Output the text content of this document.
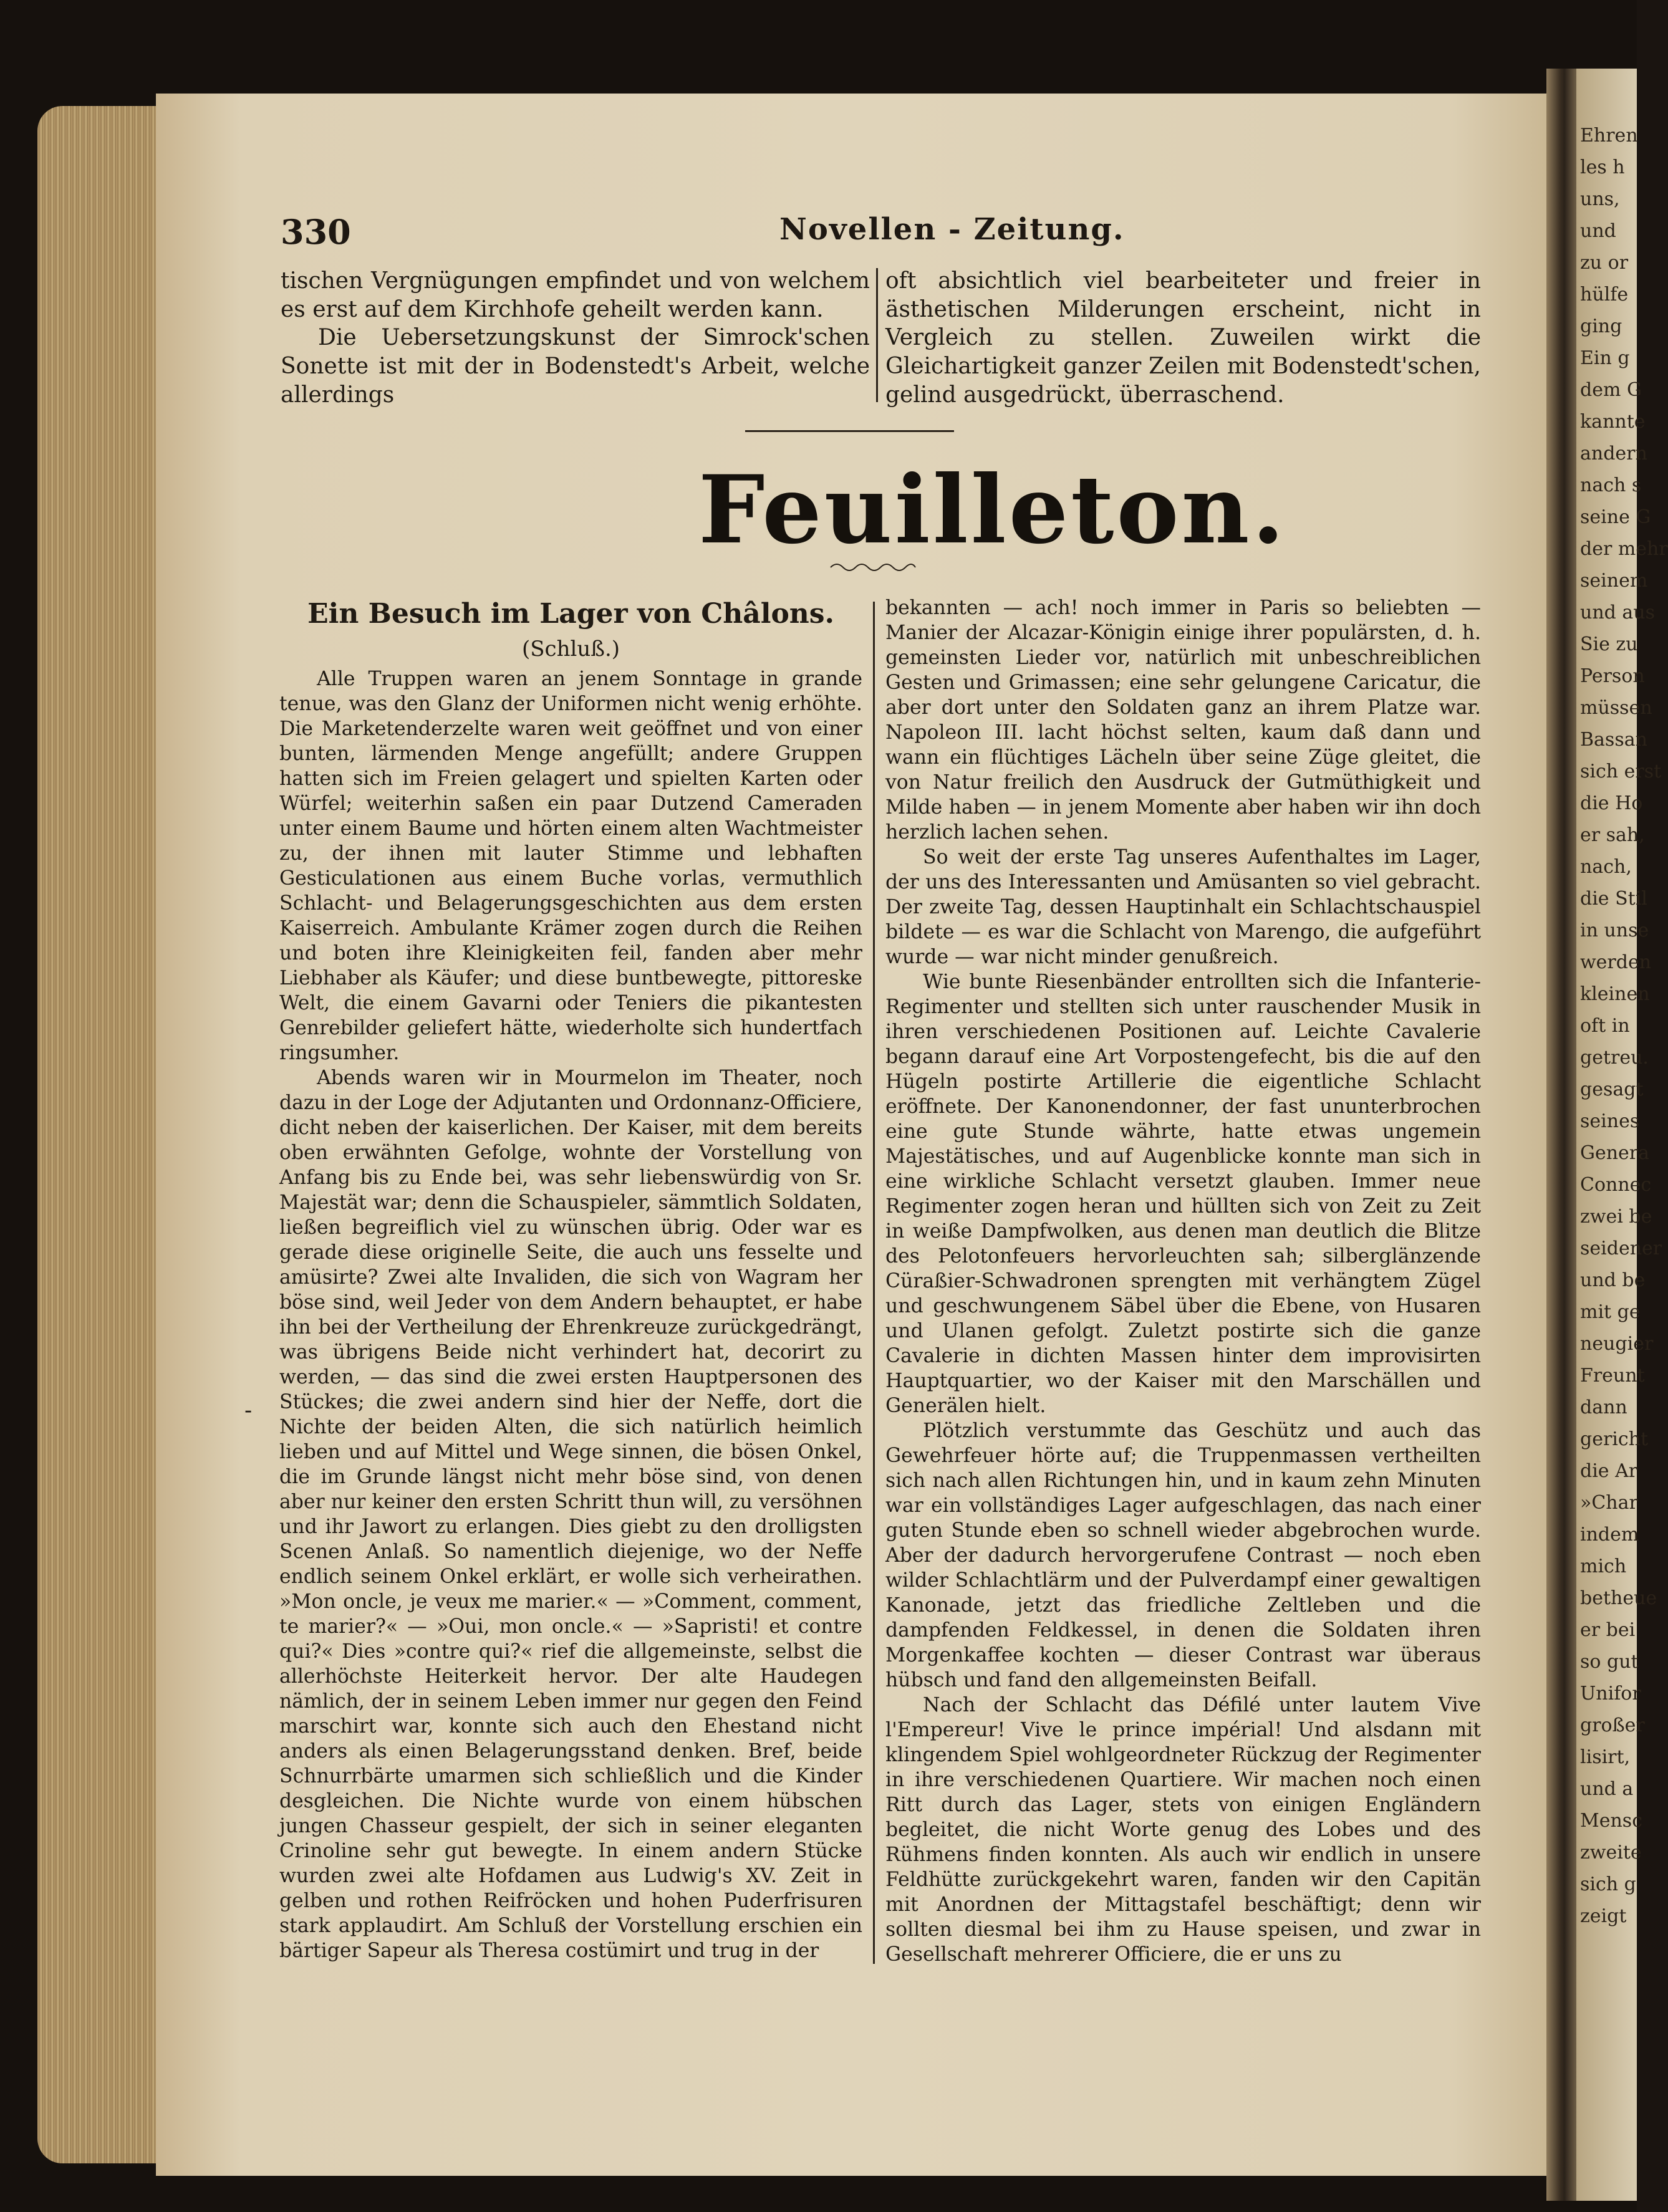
Ehren
les h
uns,
und
zu or
hülfe
ging
Ein g
dem G
kannte
andern
nach s
seine G
der mehr
seinem
und aus
Sie zu
Person
müssen
Bassan
sich erst
die Ho
er sah,
nach,
die Stil
in unse
werden
kleinen
oft in
getreu.
gesagt
seines
Genera
Connec
zwei be
seidener
und be
mit ge
neugier
Freunt
dann
gericht
die Ar
»Char
indem
mich
betheue
er bei
so gut
Unifor
großer
lisirt,
und a
Mensc
zweite
sich g
zeigt
330	Novellen - Zeitung.

tischen Vergnügungen empfindet und von welchem es erst auf dem Kirchhofe geheilt werden kann.

Die Uebersetzungskunst der Simrock'schen Sonette ist mit der in Bodenstedt's Arbeit, welche allerdings

oft absichtlich viel bearbeiteter und freier in ästhetischen Milderungen erscheint, nicht in Vergleich zu stellen. Zuweilen wirkt die Gleichartigkeit ganzer Zeilen mit Bodenstedt'schen, gelind ausgedrückt, überraschend.

Feuilleton.

Ein Besuch im Lager von Châlons.

(Schluß.)

Alle Truppen waren an jenem Sonntage in grande tenue, was den Glanz der Uniformen nicht wenig erhöhte. Die Marketenderzelte waren weit geöffnet und von einer bunten, lärmenden Menge angefüllt; andere Gruppen hatten sich im Freien gelagert und spielten Karten oder Würfel; weiterhin saßen ein paar Dutzend Cameraden unter einem Baume und hörten einem alten Wachtmeister zu, der ihnen mit lauter Stimme und lebhaften Gesticulationen aus einem Buche vorlas, vermuthlich Schlacht- und Belagerungsgeschichten aus dem ersten Kaiserreich. Ambulante Krämer zogen durch die Reihen und boten ihre Kleinigkeiten feil, fanden aber mehr Liebhaber als Käufer; und diese buntbewegte, pittoreske Welt, die einem Gavarni oder Teniers die pikantesten Genrebilder geliefert hätte, wiederholte sich hundertfach ringsumher.

Abends waren wir in Mourmelon im Theater, noch dazu in der Loge der Adjutanten und Ordonnanz-Officiere, dicht neben der kaiserlichen. Der Kaiser, mit dem bereits oben erwähnten Gefolge, wohnte der Vorstellung von Anfang bis zu Ende bei, was sehr liebenswürdig von Sr. Majestät war; denn die Schauspieler, sämmtlich Soldaten, ließen begreiflich viel zu wünschen übrig. Oder war es gerade diese originelle Seite, die auch uns fesselte und amüsirte? Zwei alte Invaliden, die sich von Wagram her böse sind, weil Jeder von dem Andern behauptet, er habe ihn bei der Vertheilung der Ehrenkreuze zurückgedrängt, was übrigens Beide nicht verhindert hat, decorirt zu werden, — das sind die zwei ersten Hauptpersonen des Stückes; die zwei andern sind hier der Neffe, dort die Nichte der beiden Alten, die sich natürlich heimlich lieben und auf Mittel und Wege sinnen, die bösen Onkel, die im Grunde längst nicht mehr böse sind, von denen aber nur keiner den ersten Schritt thun will, zu versöhnen und ihr Jawort zu erlangen. Dies giebt zu den drolligsten Scenen Anlaß. So namentlich diejenige, wo der Neffe endlich seinem Onkel erklärt, er wolle sich verheirathen. »Mon oncle, je veux me marier.« — »Comment, comment, te marier?« — »Oui, mon oncle.« — »Sapristi! et contre qui?« Dies »contre qui?« rief die allgemeinste, selbst die allerhöchste Heiterkeit hervor. Der alte Haudegen nämlich, der in seinem Leben immer nur gegen den Feind marschirt war, konnte sich auch den Ehestand nicht anders als einen Belagerungsstand denken. Bref, beide Schnurrbärte umarmen sich schließlich und die Kinder desgleichen. Die Nichte wurde von einem hübschen jungen Chasseur gespielt, der sich in seiner eleganten Crinoline sehr gut bewegte. In einem andern Stücke wurden zwei alte Hofdamen aus Ludwig's XV. Zeit in gelben und rothen Reifröcken und hohen Puderfrisuren stark applaudirt. Am Schluß der Vorstellung erschien ein bärtiger Sapeur als Theresa costümirt und trug in der

bekannten — ach! noch immer in Paris so beliebten — Manier der Alcazar-Königin einige ihrer populärsten, d. h. gemeinsten Lieder vor, natürlich mit unbeschreiblichen Gesten und Grimassen; eine sehr gelungene Caricatur, die aber dort unter den Soldaten ganz an ihrem Platze war. Napoleon III. lacht höchst selten, kaum daß dann und wann ein flüchtiges Lächeln über seine Züge gleitet, die von Natur freilich den Ausdruck der Gutmüthigkeit und Milde haben — in jenem Momente aber haben wir ihn doch herzlich lachen sehen.

So weit der erste Tag unseres Aufenthaltes im Lager, der uns des Interessanten und Amüsanten so viel gebracht. Der zweite Tag, dessen Hauptinhalt ein Schlachtschauspiel bildete — es war die Schlacht von Marengo, die aufgeführt wurde — war nicht minder genußreich.

Wie bunte Riesenbänder entrollten sich die Infanterie-Regimenter und stellten sich unter rauschender Musik in ihren verschiedenen Positionen auf. Leichte Cavalerie begann darauf eine Art Vorpostengefecht, bis die auf den Hügeln postirte Artillerie die eigentliche Schlacht eröffnete. Der Kanonendonner, der fast ununterbrochen eine gute Stunde währte, hatte etwas ungemein Majestätisches, und auf Augenblicke konnte man sich in eine wirkliche Schlacht versetzt glauben. Immer neue Regimenter zogen heran und hüllten sich von Zeit zu Zeit in weiße Dampfwolken, aus denen man deutlich die Blitze des Pelotonfeuers hervorleuchten sah; silberglänzende Cüraßier-Schwadronen sprengten mit verhängtem Zügel und geschwungenem Säbel über die Ebene, von Husaren und Ulanen gefolgt. Zuletzt postirte sich die ganze Cavalerie in dichten Massen hinter dem improvisirten Hauptquartier, wo der Kaiser mit den Marschällen und Generälen hielt.

Plötzlich verstummte das Geschütz und auch das Gewehrfeuer hörte auf; die Truppenmassen vertheilten sich nach allen Richtungen hin, und in kaum zehn Minuten war ein vollständiges Lager aufgeschlagen, das nach einer guten Stunde eben so schnell wieder abgebrochen wurde. Aber der dadurch hervorgerufene Contrast — noch eben wilder Schlachtlärm und der Pulverdampf einer gewaltigen Kanonade, jetzt das friedliche Zeltleben und die dampfenden Feldkessel, in denen die Soldaten ihren Morgenkaffee kochten — dieser Contrast war überaus hübsch und fand den allgemeinsten Beifall.

Nach der Schlacht das Défilé unter lautem Vive l'Empereur! Vive le prince impérial! Und alsdann mit klingendem Spiel wohlgeordneter Rückzug der Regimenter in ihre verschiedenen Quartiere. Wir machen noch einen Ritt durch das Lager, stets von einigen Engländern begleitet, die nicht Worte genug des Lobes und des Rühmens finden konnten. Als auch wir endlich in unsere Feldhütte zurückgekehrt waren, fanden wir den Capitän mit Anordnen der Mittagstafel beschäftigt; denn wir sollten diesmal bei ihm zu Hause speisen, und zwar in Gesellschaft mehrerer Officiere, die er uns zu

-
